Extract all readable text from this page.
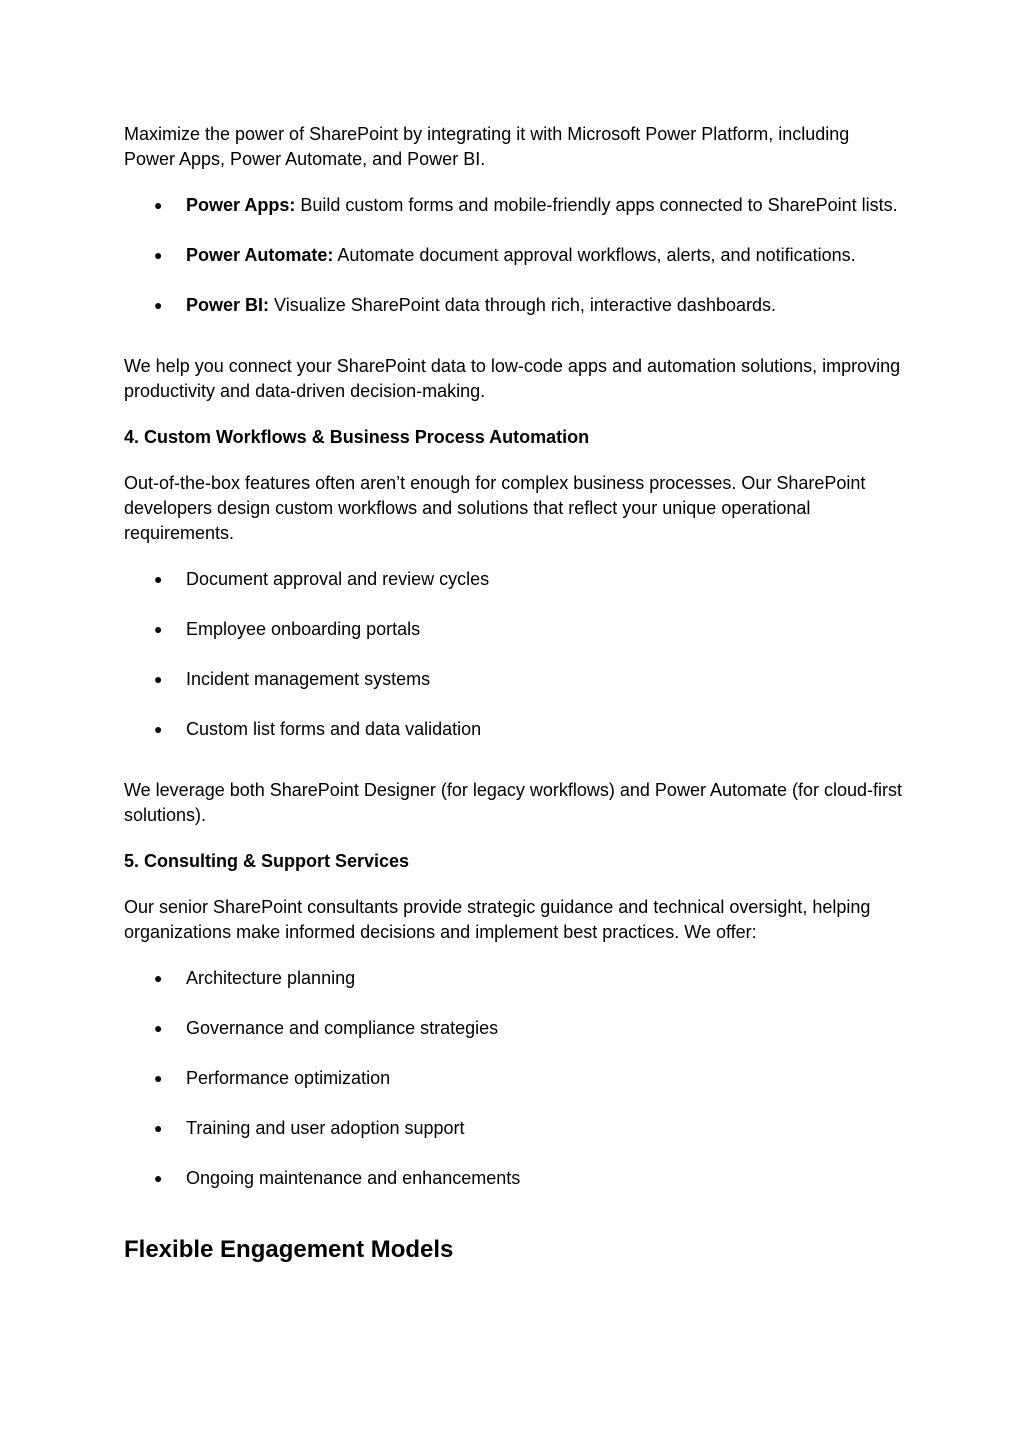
Maximize the power of SharePoint by integrating it with Microsoft Power Platform, including Power Apps, Power Automate, and Power BI.

● Power Apps: Build custom forms and mobile-friendly apps connected to SharePoint lists.
● Power Automate: Automate document approval workflows, alerts, and notifications.
● Power BI: Visualize SharePoint data through rich, interactive dashboards.

We help you connect your SharePoint data to low-code apps and automation solutions, improving productivity and data-driven decision-making.

4. Custom Workflows & Business Process Automation

Out-of-the-box features often aren’t enough for complex business processes. Our SharePoint developers design custom workflows and solutions that reflect your unique operational requirements.

● Document approval and review cycles
● Employee onboarding portals
● Incident management systems
● Custom list forms and data validation

We leverage both SharePoint Designer (for legacy workflows) and Power Automate (for cloud-first solutions).

5. Consulting & Support Services

Our senior SharePoint consultants provide strategic guidance and technical oversight, helping organizations make informed decisions and implement best practices. We offer:

● Architecture planning
● Governance and compliance strategies
● Performance optimization
● Training and user adoption support
● Ongoing maintenance and enhancements

Flexible Engagement Models
